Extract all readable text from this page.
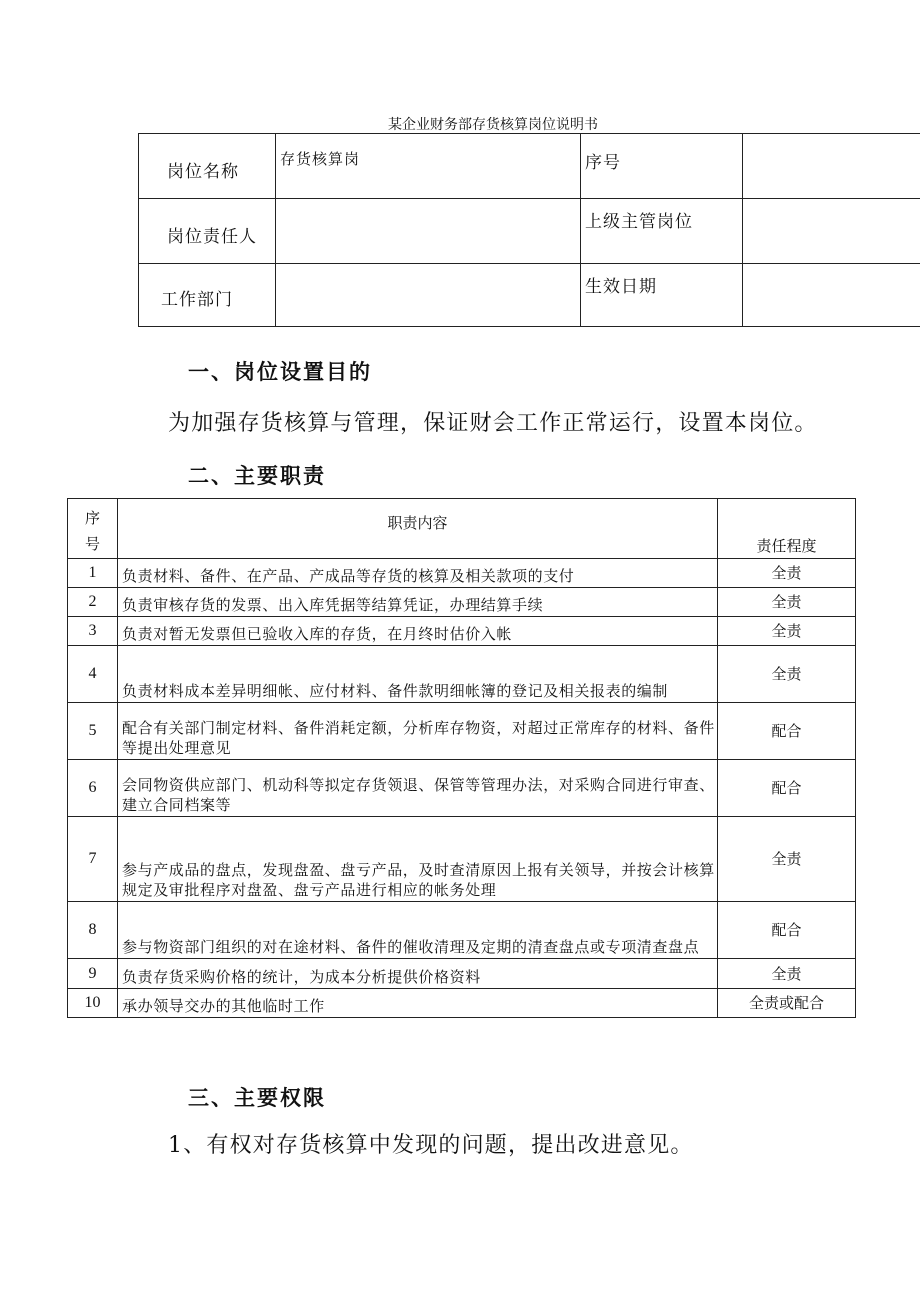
某企业财务部存货核算岗位说明书
岗位名称	存货核算岗	序号	
岗位责任人		上级主管岗位	
工作部门		生效日期	
一、岗位设置目的
为加强存货核算与管理，保证财会工作正常运行，设置本岗位。
二、主要职责
序
号	职责内容	责任程度
1	负责材料、备件、在产品、产成品等存货的核算及相关款项的支付	全责
2	负责审核存货的发票、出入库凭据等结算凭证，办理结算手续	全责
3	负责对暂无发票但已验收入库的存货，在月终时估价入帐	全责
4	负责材料成本差异明细帐、应付材料、备件款明细帐簿的登记及相关报表的编制	全责
5	配合有关部门制定材料、备件消耗定额，分析库存物资，对超过正常库存的材料、备件等提出处理意见	配合
6	会同物资供应部门、机动科等拟定存货领退、保管等管理办法，对采购合同进行审查、建立合同档案等	配合
7	参与产成品的盘点，发现盘盈、盘亏产品，及时查清原因上报有关领导，并按会计核算规定及审批程序对盘盈、盘亏产品进行相应的帐务处理	全责
8	参与物资部门组织的对在途材料、备件的催收清理及定期的清查盘点或专项清查盘点	配合
9	负责存货采购价格的统计，为成本分析提供价格资料	全责
10	承办领导交办的其他临时工作	全责或配合
三、主要权限
1、有权对存货核算中发现的问题，提出改进意见。
